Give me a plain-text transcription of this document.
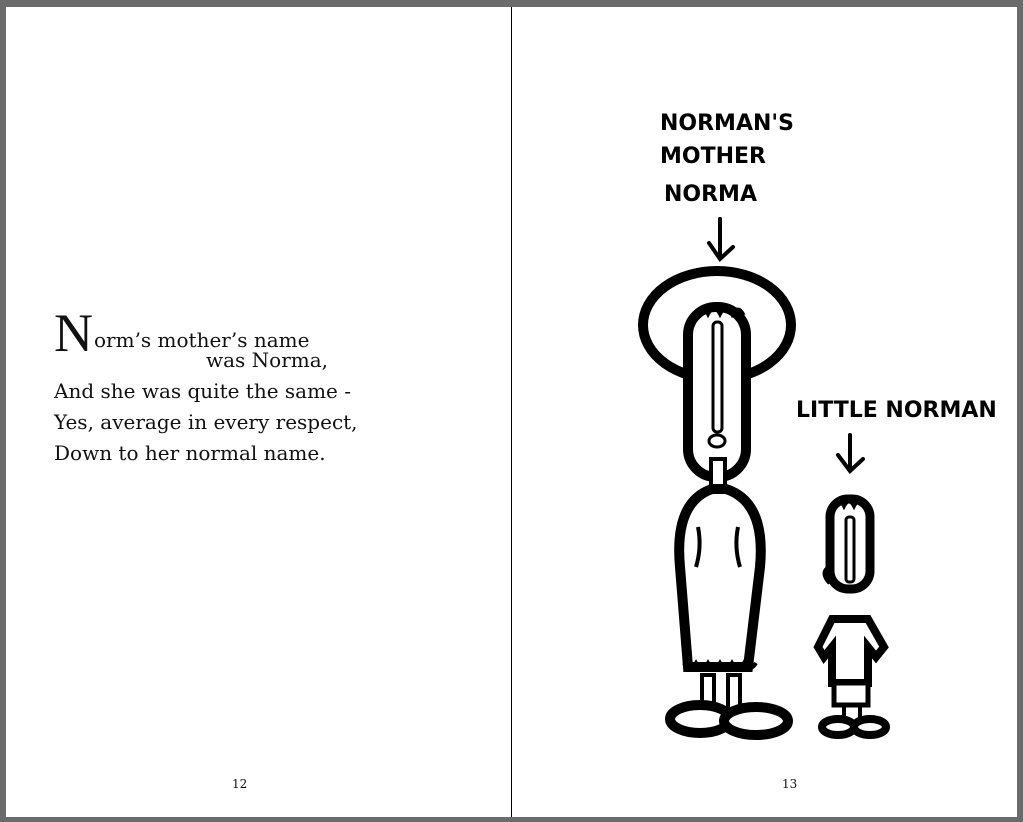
N orm’s mother’s name
was Norma,
And she was quite the same -
Yes, average in every respect,
Down to her normal name.
12
NORMAN'S
MOTHER
NORMA
LITTLE NORMAN
13
